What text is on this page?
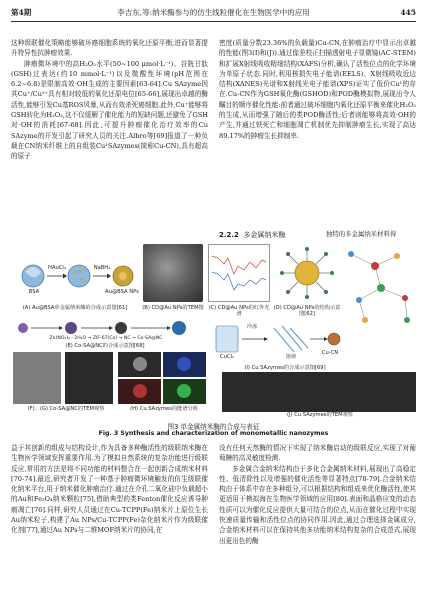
第4期	李吉东,等:纳米酶参与的仿生线粒催化在生物医学中的应用	445

这种级联催化策略能够破坏癌细胞系统的氧化还原平衡,进而显著提升特异性抗肿瘤效果.

肿瘤微环境中的高H₂O₂水平(50~100 μmol·L⁻¹)、谷胱甘肽(GSH)过表达(约10 mmol·L⁻¹)以及微酸性环境(pH范围在6.2~6.8)是限制高效·OH生成的主要因素[63-64].Cu SAzyme因其Cu⁺/Cu²⁺具有相对较低的氧化还原电位[65-66],展现出卓越的酶活性,能够引发Cu基ROS风暴,从而有效杀死癌细胞.此外,Cu⁺能够将GSH转化为H₂O₂,这不仅缓解了催化能力的短缺问题,还避免了GSH对·OH的消耗[67-68].因此,可提升肿瘤催化治疗效率的Cu SAzyme的开发引起了研究人员的关注.Albro等[69]报道了一种负载在CN纳米纤维上的自组装Cu¹SAzymes(简称Cu-CN),具有超高的原子

密度(质量分数23.36%的负载量)Cu-CN,在肿瘤治疗中显示出卓越的性能(图3(I)和(J)).通过像差校正扫描透射电子显微镜(AC-STEM)和扩展X射线吸收精细结构(XAFS)分析,确认了活性位点的化学环境为单原子状态.同时,利用核损失电子能谱(EELS)、X射线吸收近边结构(XANES)光谱和X射线光电子能谱(XPS)证实了低价Cu¹的存在.Cu-CN作为GSH氧化酶(GSHOD)和POD酶模拟物,展现出令人瞩目的顺序催化性能:前者通过破坏细胞内氧化还原平衡来催化H₂O₂的生成,从而增强了随后的类POD酶活性;后者则能够将高效·OH的产生,并通过铁死亡和细胞凋亡机制优先抑制肿瘤生长,实现了高达89.17%的肿瘤生长抑制率.

2.2.2 多金属纳米酶	独特的多金属纳米材料得
BSA
HAuCl₄	NaBH₄
Au@BSA NPs
(A) Au@BSA单金属纳米酶的合成示意图[61]	(B) CD@Au NPs的TEM图 (C) CD@Au NPs的红外光谱
(D) CD@Au NPs的结构示意图[62]
Zn(NO₃)₂ · 2H₂O → ZIF-67(Co) → NC → Co-SA@NC
(E) Co-SA@NC的合成示意图[68]
冷冻
CuCl₂
Cu-CN
溶液
(I) Cu SAzymes的合成示意图[69]
(F)、(G) Co-SA@NC的TEM观察	(H) Cu SAzymes的能谱分析
(J) Cu SAzymes的TEM观察
图3 单金属纳米酶的合成与表征
Fig. 3 Synthesis and characterization of monometallic nanozymes

益于其创新的组成与结构设计,作为具备多种酶活性的级联纳米酶在生物医学领域发挥重要作用.为了模拟自然系统的复杂功能进行级联反应,常用的方法是将不同功能的材料整合在一起创新合成纳米材料[70-74].最近,研究者开发了一种基于肿瘤微环境触发的仿生级联催化纳米平台,用于纳米催化肿瘤治疗.通过在介孔二氧化硅中负载超小的Au和Fe₃O₄纳米颗粒[75],借助典型的类Fenton催化反应诱导肿瘤凋亡[76].同样,研究人员通过在Cu-TCPP(Fe)纳米片上原位生长Au纳米粒子,构建了Au NPs/Cu-TCPP(Fe)杂化纳米片作为级联催化剂[77],通过Au NPs与二维MOF纳米片的协同,在

没有任何天然酶的情况下实现了纳米酶启动的级联反应,实现了对葡萄糖的高灵敏度检测.

多金属合金纳米结构由于多化合金属纳米材料,展现出了高稳定性、低清除性以及增强的催化活性等显著特点[78-79].合金纳米结构由于体系中存在多种组分,可以根据结构和组成来优化酶活性,使其更适用于模拟海在生物医学领域的应用[80].表面和晶格应变的动态性质可以为催化反应提供大量可结合的位点,从而在催化过程中实现快速质量传输和活性位点的协同作用.因此,通过合理选择金属成分,合金纳米材料可以在保持其他多功能纳米结构复杂的合成范式,展现出更出色的酶
